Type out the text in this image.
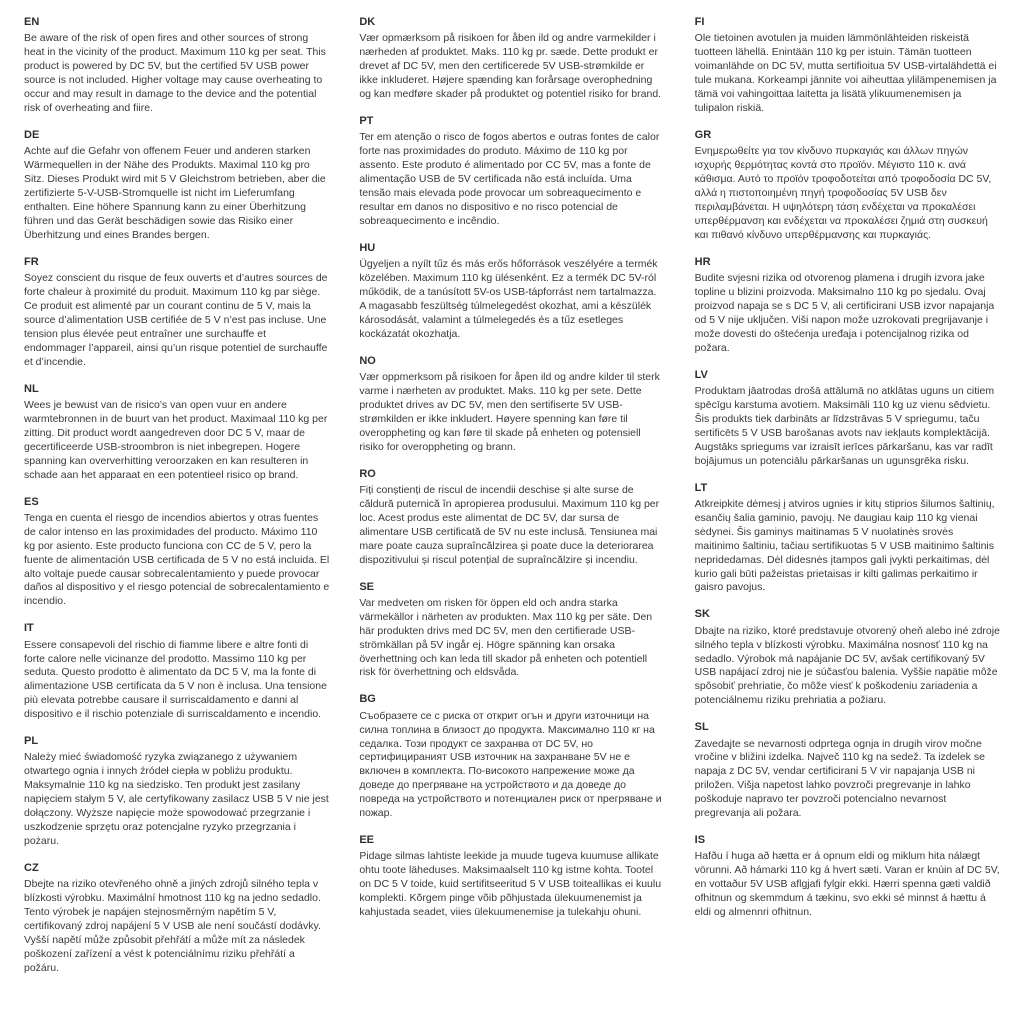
EN

Be aware of the risk of open fires and other sources of strong heat in the vicinity of the product. Maximum 110 kg per seat. This product is powered by DC 5V, but the certified 5V USB power source is not included. Higher voltage may cause overheating to occur and may result in damage to the device and the potential risk of overheating and fiire.

DE

Achte auf die Gefahr von offenem Feuer und anderen starken Wärmequellen in der Nähe des Produkts. Maximal 110 kg pro Sitz. Dieses Produkt wird mit 5 V Gleichstrom betrieben, aber die zertifizierte 5-V-USB-Stromquelle ist nicht im Lieferumfang enthalten. Eine höhere Spannung kann zu einer Überhitzung führen und das Gerät beschädigen sowie das Risiko einer Überhitzung und eines Brandes bergen.

FR

Soyez conscient du risque de feux ouverts et d’autres sources de forte chaleur à proximité du produit. Maximum 110 kg par siège. Ce produit est alimenté par un courant continu de 5 V, mais la source d’alimentation USB certifiée de 5 V n’est pas incluse. Une tension plus élevée peut entraîner une surchauffe et endommager l’appareil, ainsi qu’un risque potentiel de surchauffe et d’incendie.

NL

Wees je bewust van de risico’s van open vuur en andere warmtebronnen in de buurt van het product. Maximaal 110 kg per zitting. Dit product wordt aangedreven door DC 5 V, maar de gecertificeerde USB-stroombron is niet inbegrepen. Hogere spanning kan oververhitting veroorzaken en kan resulteren in schade aan het apparaat en een potentieel risico op brand.

ES

Tenga en cuenta el riesgo de incendios abiertos y otras fuentes de calor intenso en las proximidades del producto. Máximo 110 kg por asiento. Este producto funciona con CC de 5 V, pero la fuente de alimentación USB certificada de 5 V no está incluida. El alto voltaje puede causar sobrecalentamiento y puede provocar daños al dispositivo y el riesgo potencial de sobrecalentamiento e incendio.

IT

Essere consapevoli del rischio di fiamme libere e altre fonti di forte calore nelle vicinanze del prodotto. Massimo 110 kg per seduta. Questo prodotto è alimentato da DC 5 V, ma la fonte di alimentazione USB certificata da 5 V non è inclusa. Una tensione più elevata potrebbe causare il surriscaldamento e danni al dispositivo e il rischio potenziale di surriscaldamento e incendio.

PL

Należy mieć świadomość ryzyka związanego z używaniem otwartego ognia i innych źródeł ciepła w pobliżu produktu. Maksymalnie 110 kg na siedzisko. Ten produkt jest zasilany napięciem stałym 5 V, ale certyfikowany zasilacz USB 5 V nie jest dołączony. Wyższe napięcie może spowodować przegrzanie i uszkodzenie sprzętu oraz potencjalne ryzyko przegrzania i pożaru.

CZ

Dbejte na riziko otevřeného ohně a jiných zdrojů silného tepla v blízkosti výrobku. Maximální hmotnost 110 kg na jedno sedadlo. Tento výrobek je napájen stejnosměrným napětím 5 V, certifikovaný zdroj napájení 5 V USB ale není součástí dodávky. Vyšší napětí může způsobit přehřátí a může mít za následek poškození zařízení a vést k potenciálnímu riziku přehřátí a požáru.

DK

Vær opmærksom på risikoen for åben ild og andre varmekilder i nærheden af produktet. Maks. 110 kg pr. sæde. Dette produkt er drevet af DC 5V, men den certificerede 5V USB-strømkilde er ikke inkluderet. Højere spænding kan forårsage overophedning og kan medføre skader på produktet og potentiel risiko for brand.

PT

Ter em atenção o risco de fogos abertos e outras fontes de calor forte nas proximidades do produto. Máximo de 110 kg por assento. Este produto é alimentado por CC 5V, mas a fonte de alimentação USB de 5V certificada não está incluída. Uma tensão mais elevada pode provocar um sobreaquecimento e resultar em danos no dispositivo e no risco potencial de sobreaquecimento e incêndio.

HU

Ügyeljen a nyílt tűz és más erős hőforrások veszélyére a termék közelében. Maximum 110 kg ülésenként. Ez a termék DC 5V-ról működik, de a tanúsított 5V-os USB-tápforrást nem tartalmazza. A magasabb feszültség túlmelegedést okozhat, ami a készülék károsodását, valamint a túlmelegedés és a tűz esetleges kockázatát okozhatja.

NO

Vær oppmerksom på risikoen for åpen ild og andre kilder til sterk varme i nærheten av produktet. Maks. 110 kg per sete. Dette produktet drives av DC 5V, men den sertifiserte 5V USB-strømkilden er ikke inkludert. Høyere spenning kan føre til overoppheting og kan føre til skade på enheten og potensiell risiko for overoppheting og brann.

RO

Fiți conștienți de riscul de incendii deschise și alte surse de căldură puternică în apropierea produsului. Maximum 110 kg per loc. Acest produs este alimentat de DC 5V, dar sursa de alimentare USB certificată de 5V nu este inclusă. Tensiunea mai mare poate cauza supraîncălzirea și poate duce la deteriorarea dispozitivului și riscul potențial de supraîncălzire și incendiu.

SE

Var medveten om risken för öppen eld och andra starka värmekällor i närheten av produkten. Max 110 kg per säte. Den här produkten drivs med DC 5V, men den certifierade USB-strömkällan på 5V ingår ej. Högre spänning kan orsaka överhettning och kan leda till skador på enheten och potentiell risk för överhettning och eldsvåda.

BG

Съобразете се с риска от открит огън и други източници на силна топлина в близост до продукта. Максимално 110 кг на седалка. Този продукт се захранва от DC 5V, но сертифицираният USB източник на захранване 5V не е включен в комплекта. По-високото напрежение може да доведе до прегряване на устройството и да доведе до повреда на устройството и потенциален риск от прегряване и пожар.

EE

Pidage silmas lahtiste leekide ja muude tugeva kuumuse allikate ohtu toote läheduses. Maksimaalselt 110 kg istme kohta. Tootel on DC 5 V toide, kuid sertifitseeritud 5 V USB toiteallikas ei kuulu komplekti. Kõrgem pinge võib põhjustada ülekuumenemist ja kahjustada seadet, viies ülekuumenemise ja tulekahju ohuni.

FI

Ole tietoinen avotulen ja muiden lämmönlähteiden riskeistä tuotteen lähellä. Enintään 110 kg per istuin. Tämän tuotteen voimanlähde on DC 5V, mutta sertifioitua 5V USB-virtalähdettä ei tule mukana. Korkeampi jännite voi aiheuttaa ylilämpenemisen ja tämä voi vahingoittaa laitetta ja lisätä ylikuumenemisen ja tulipalon riskiä.

GR

Ενημερωθείτε για τον κίνδυνο πυρκαγιάς και άλλων πηγών ισχυρής θερμότητας κοντά στο προϊόν. Μέγιστο 110 κ. ανά κάθισμα. Αυτό το προϊόν τροφοδοτείται από τροφοδοσία DC 5V, αλλά η πιστοποιημένη πηγή τροφοδοσίας 5V USB δεν περιλαμβάνεται. Η υψηλότερη τάση ενδέχεται να προκαλέσει υπερθέρμανση και ενδέχεται να προκαλέσει ζημιά στη συσκευή και πιθανό κίνδυνο υπερθέρμανσης και πυρκαγιάς.

HR

Budite svjesni rizika od otvorenog plamena i drugih izvora jake topline u blizini proizvoda. Maksimalno 110 kg po sjedalu. Ovaj proizvod napaja se s DC 5 V, ali certificirani USB izvor napajanja od 5 V nije uključen. Viši napon može uzrokovati pregrijavanje i može dovesti do oštećenja uređaja i potencijalnog rizika od požara.

LV

Produktam jāatrodas drošā attālumā no atklātas uguns un citiem spēcīgu karstuma avotiem. Maksimāli 110 kg uz vienu sēdvietu. Šis produkts tiek darbināts ar līdzstrāvas 5 V spriegumu, taču sertificēts 5 V USB barošanas avots nav iekļauts komplektācijā. Augstāks spriegums var izraisīt ierīces pārkaršanu, kas var radīt bojājumus un potenciālu pārkaršanas un ugunsgrēka risku.

LT

Atkreipkite dėmesį į atviros ugnies ir kitų stiprios šilumos šaltinių, esančių šalia gaminio, pavojų. Ne daugiau kaip 110 kg vienai sėdynei. Šis gaminys maitinamas 5 V nuolatinės srovės maitinimo šaltiniu, tačiau sertifikuotas 5 V USB maitinimo šaltinis nepridedamas. Dėl didesnės įtampos gali įvykti perkaitimas, dėl kurio gali būti pažeistas prietaisas ir kilti galimas perkaitimo ir gaisro pavojus.

SK

Dbajte na riziko, ktoré predstavuje otvorený oheň alebo iné zdroje silného tepla v blízkosti výrobku. Maximálna nosnosť 110 kg na sedadlo. Výrobok má napájanie DC 5V, avšak certifikovaný 5V USB napájací zdroj nie je súčasťou balenia. Vyššie napätie môže spôsobiť prehriatie, čo môže viesť k poškodeniu zariadenia a potenciálnemu riziku prehriatia a požiaru.

SL

Zavedajte se nevarnosti odprtega ognja in drugih virov močne vročine v bližini izdelka. Največ 110 kg na sedež. Ta izdelek se napaja z DC 5V, vendar certificirani 5 V vir napajanja USB ni priložen. Višja napetost lahko povzroči pregrevanje in lahko poškoduje napravo ter povzroči potencialno nevarnost pregrevanja ali požara.

IS

Hafðu í huga að hætta er á opnum eldi og miklum hita nálægt vörunni. Að hámarki 110 kg á hvert sæti. Varan er knúin af DC 5V, en vottaður 5V USB aflgjafi fylgir ekki. Hærri spenna gæti valdið ofhitnun og skemmdum á tækinu, svo ekki sé minnst á hættu á eldi og almennri ofhitnun.
